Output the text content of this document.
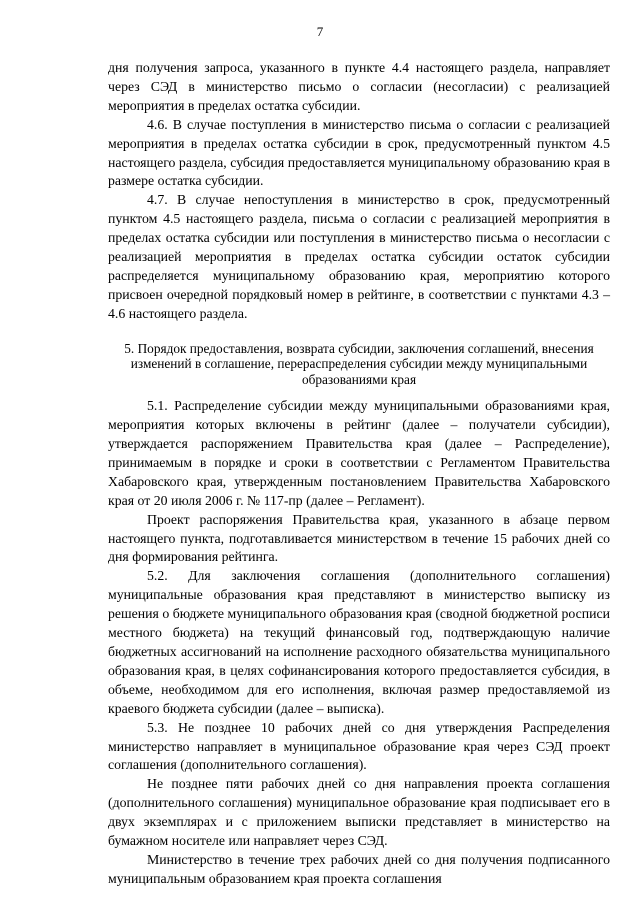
7

дня получения запроса, указанного в пункте 4.4 настоящего раздела, направляет через СЭД в министерство письмо о согласии (несогласии) с реализацией мероприятия в пределах остатка субсидии.

4.6. В случае поступления в министерство письма о согласии с реализацией мероприятия в пределах остатка субсидии в срок, предусмотренный пунктом 4.5 настоящего раздела, субсидия предоставляется муниципальному образованию края в размере остатка субсидии.

4.7. В случае непоступления в министерство в срок, предусмотренный пунктом 4.5 настоящего раздела, письма о согласии с реализацией мероприятия в пределах остатка субсидии или поступления в министерство письма о несогласии с реализацией мероприятия в пределах остатка субсидии остаток субсидии распределяется муниципальному образованию края, мероприятию которого присвоен очередной порядковый номер в рейтинге, в соответствии с пунктами 4.3 – 4.6 настоящего раздела.

5. Порядок предоставления, возврата субсидии, заключения соглашений, внесения изменений в соглашение, перераспределения субсидии между муниципальными образованиями края

5.1. Распределение субсидии между муниципальными образованиями края, мероприятия которых включены в рейтинг (далее – получатели субсидии), утверждается распоряжением Правительства края (далее – Распределение), принимаемым в порядке и сроки в соответствии с Регламентом Правительства Хабаровского края, утвержденным постановлением Правительства Хабаровского края от 20 июля 2006 г. № 117-пр (далее – Регламент).

Проект распоряжения Правительства края, указанного в абзаце первом настоящего пункта, подготавливается министерством в течение 15 рабочих дней со дня формирования рейтинга.

5.2. Для заключения соглашения (дополнительного соглашения) муниципальные образования края представляют в министерство выписку из решения о бюджете муниципального образования края (сводной бюджетной росписи местного бюджета) на текущий финансовый год, подтверждающую наличие бюджетных ассигнований на исполнение расходного обязательства муниципального образования края, в целях софинансирования которого предоставляется субсидия, в объеме, необходимом для его исполнения, включая размер предоставляемой из краевого бюджета субсидии (далее – выписка).

5.3. Не позднее 10 рабочих дней со дня утверждения Распределения министерство направляет в муниципальное образование края через СЭД проект соглашения (дополнительного соглашения).

Не позднее пяти рабочих дней со дня направления проекта соглашения (дополнительного соглашения) муниципальное образование края подписывает его в двух экземплярах и с приложением выписки представляет в министерство на бумажном носителе или направляет через СЭД.

Министерство в течение трех рабочих дней со дня получения подписанного муниципальным образованием края проекта соглашения
